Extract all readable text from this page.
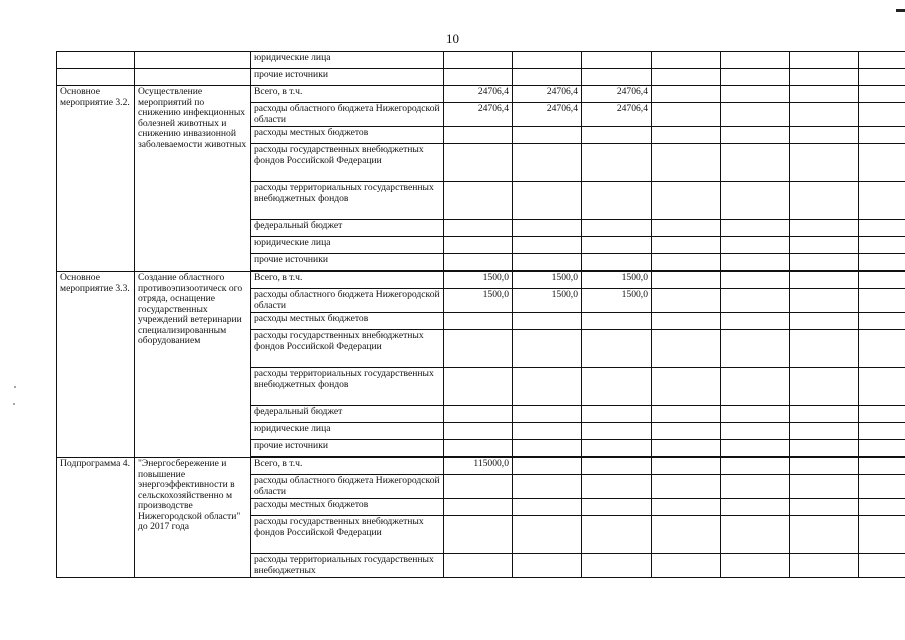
10
		юридические лица							
		прочие источники							
Основное мероприятие 3.2.	Осуществление мероприятий по снижению инфекционных болезней животных и снижению инвазионной заболеваемости животных	Всего, в т.ч.	24706,4	24706,4	24706,4				
		расходы областного бюджета Нижегородской области	24706,4	24706,4	24706,4				
		расходы местных бюджетов							
		расходы государственных внебюджетных фондов Российской Федерации							
		расходы территориальных государственных внебюджетных фондов							
		федеральный бюджет							
		юридические лица							
		прочие источники							

Основное мероприятие 3.3.	Создание областного противоэпизоотическ ого отряда, оснащение государственных учреждений ветеринарии специализированным оборудованием	Всего, в т.ч.	1500,0	1500,0	1500,0				
		расходы областного бюджета Нижегородской области	1500,0	1500,0	1500,0				
		расходы местных бюджетов							
		расходы государственных внебюджетных фондов Российской Федерации							
		расходы территориальных государственных внебюджетных фондов							
		федеральный бюджет							
		юридические лица							
		прочие источники							

Подпрограмма 4.	"Энергосбережение и повышение энергоэффективности в сельскохозяйственно м производстве Нижегородской области" до 2017 года	Всего, в т.ч.	115000,0						
		расходы областного бюджета Нижегородской области							
		расходы местных бюджетов							
		расходы государственных внебюджетных фондов Российской Федерации							
		расходы территориальных государственных внебюджетных							
